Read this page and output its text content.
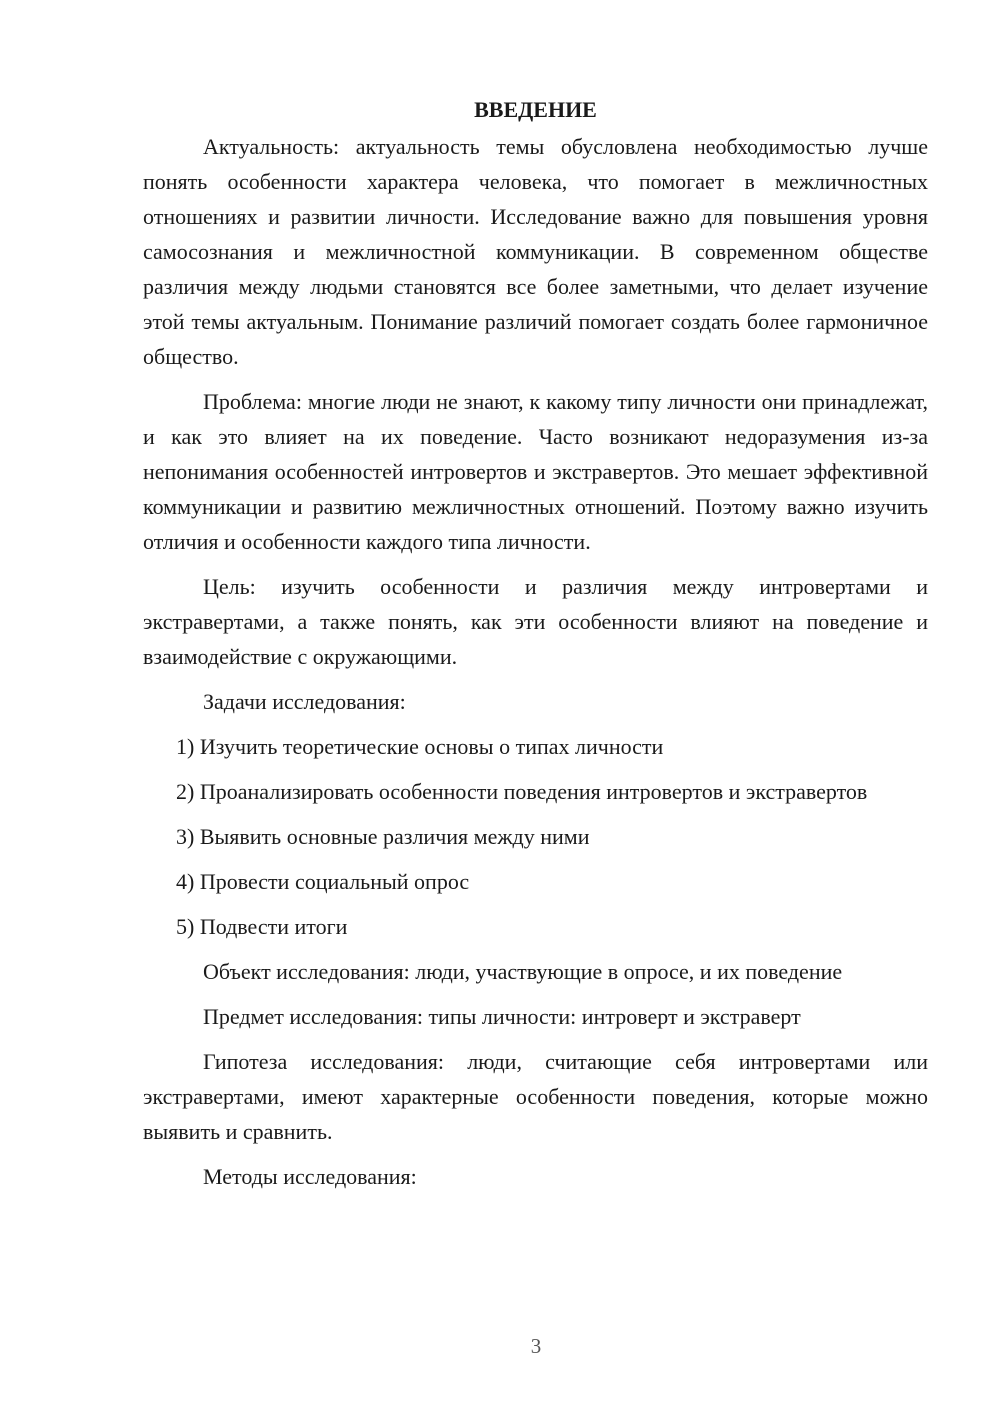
ВВЕДЕНИЕ

Актуальность: актуальность темы обусловлена необходимостью лучше понять особенности характера человека, что помогает в межличностных отношениях и развитии личности. Исследование важно для повышения уровня самосознания и межличностной коммуникации. В современном обществе различия между людьми становятся все более заметными, что делает изучение этой темы актуальным. Понимание различий помогает создать более гармоничное общество.

Проблема: многие люди не знают, к какому типу личности они принадлежат, и как это влияет на их поведение. Часто возникают недоразумения из-за непонимания особенностей интровертов и экстравертов. Это мешает эффективной коммуникации и развитию межличностных отношений. Поэтому важно изучить отличия и особенности каждого типа личности.

Цель: изучить особенности и различия между интровертами и экстравертами, а также понять, как эти особенности влияют на поведение и взаимодействие с окружающими.

Задачи исследования:

1) Изучить теоретические основы о типах личности

2) Проанализировать особенности поведения интровертов и экстравертов

3) Выявить основные различия между ними

4) Провести социальный опрос

5) Подвести итоги

Объект исследования: люди, участвующие в опросе, и их поведение

Предмет исследования: типы личности: интроверт и экстраверт

Гипотеза исследования: люди, считающие себя интровертами или экстравертами, имеют характерные особенности поведения, которые можно выявить и сравнить.

Методы исследования:

3
